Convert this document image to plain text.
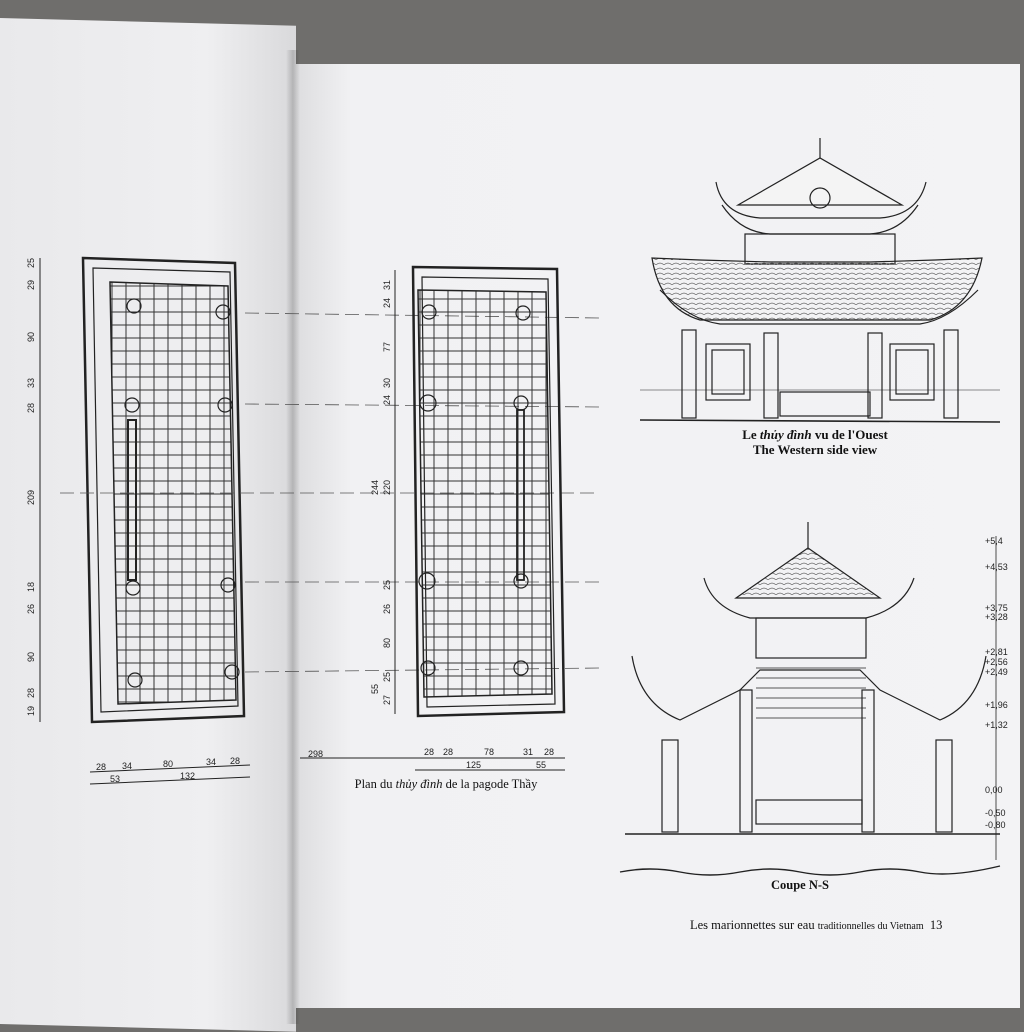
25
29
90
33
28
209
18
26
90
28
19
28 34	80	34 28
53	132
31
24
77
24
30
244 220
25
26
80
55
27
25
28 28	78	31 28
298
125	55
+5,4
+4,53
+3,75
+3,28
+2,81
+2,56
+2,49
+1,96
+1,32
0,00
-0,50
-0,80
Le thủy đình vu de l'Ouest
The Western side view
Plan du thủy đình de la pagode Thầy
Coupe N-S
Les marionnettes sur eau traditionnelles du Vietnam 13
